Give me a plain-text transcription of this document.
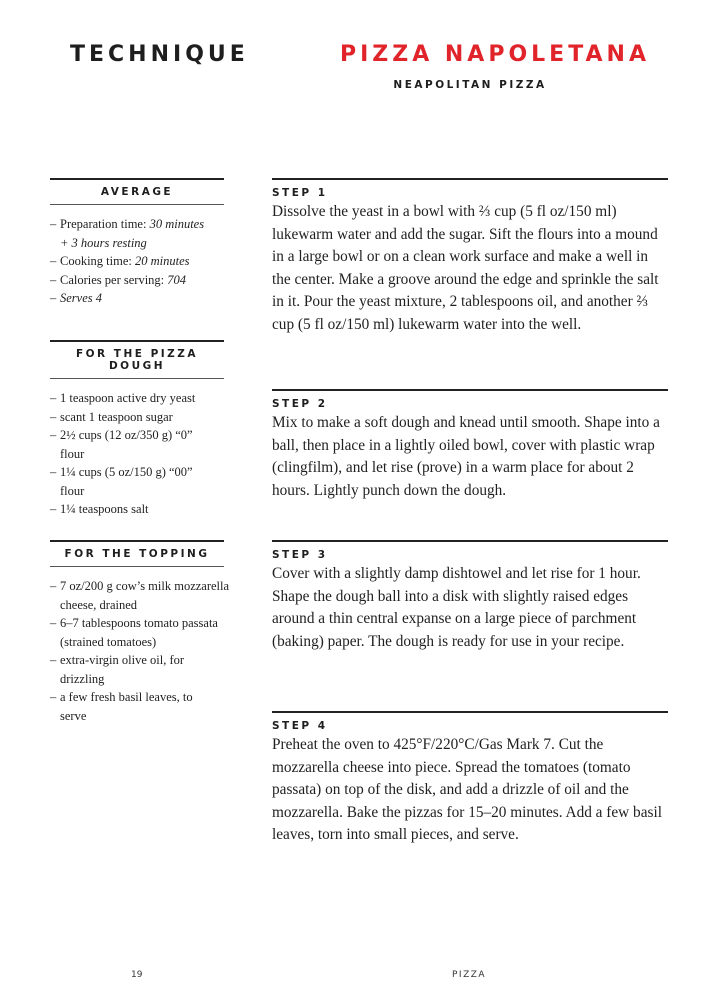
TECHNIQUE	PIZZA NAPOLETANA
NEAPOLITAN PIZZA
AVERAGE
– Preparation time: 30 minutes
+ 3 hours resting
– Cooking time: 20 minutes
– Calories per serving: 704
– Serves 4
FOR THE PIZZA DOUGH
– 1 teaspoon active dry yeast
– scant 1 teaspoon sugar
– 2½ cups (12 oz/350 g) “0” flour
– 1¼ cups (5 oz/150 g) “00” flour
– 1¼ teaspoons salt
FOR THE TOPPING
– 7 oz/200 g cow’s milk mozzarella cheese, drained
– 6–7 tablespoons tomato passata (strained tomatoes)
– extra-virgin olive oil, for drizzling
– a few fresh basil leaves, to serve
STEP 1
Dissolve the yeast in a bowl with ⅔ cup (5 fl oz/150 ml) lukewarm water and add the sugar. Sift the flours into a mound in a large bowl or on a clean work surface and make a well in the center. Make a groove around the edge and sprinkle the salt in it. Pour the yeast mixture, 2 tablespoons oil, and another ⅔ cup (5 fl oz/150 ml) lukewarm water into the well.
STEP 2
Mix to make a soft dough and knead until smooth. Shape into a ball, then place in a lightly oiled bowl, cover with plastic wrap (clingfilm), and let rise (prove) in a warm place for about 2 hours. Lightly punch down the dough.
STEP 3
Cover with a slightly damp dishtowel and let rise for 1 hour. Shape the dough ball into a disk with slightly raised edges around a thin central expanse on a large piece of parchment (baking) paper. The dough is ready for use in your recipe.
STEP 4
Preheat the oven to 425°F/220°C/Gas Mark 7. Cut the mozzarella cheese into piece. Spread the tomatoes (tomato passata) on top of the disk, and add a drizzle of oil and the mozzarella. Bake the pizzas for 15–20 minutes. Add a few basil leaves, torn into small pieces, and serve.
19	PIZZA
